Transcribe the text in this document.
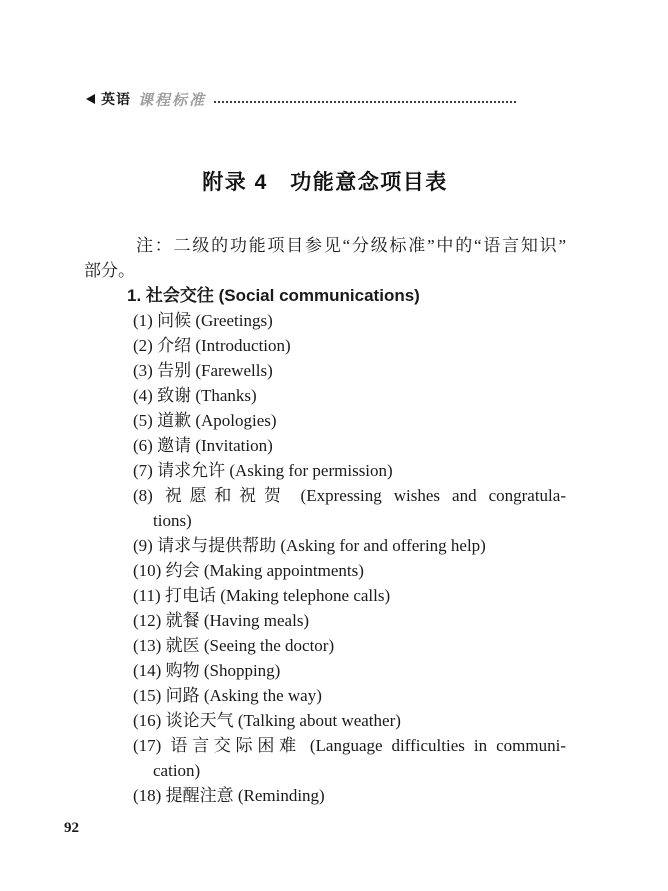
英语 课程标准
附录 4　功能意念项目表
注：二级的功能项目参见“分级标准”中的“语言知识”
部分。
1. 社会交往 (Social communications)
(1) 问候 (Greetings)
(2) 介绍 (Introduction)
(3) 告别 (Farewells)
(4) 致谢 (Thanks)
(5) 道歉 (Apologies)
(6) 邀请 (Invitation)
(7) 请求允许 (Asking for permission)
(8) 祝愿和祝贺 (Expressing wishes and congratula-
tions)
(9) 请求与提供帮助 (Asking for and offering help)
(10) 约会 (Making appointments)
(11) 打电话 (Making telephone calls)
(12) 就餐 (Having meals)
(13) 就医 (Seeing the doctor)
(14) 购物 (Shopping)
(15) 问路 (Asking the way)
(16) 谈论天气 (Talking about weather)
(17) 语言交际困难 (Language difficulties in communi-
cation)
(18) 提醒注意 (Reminding)
92
